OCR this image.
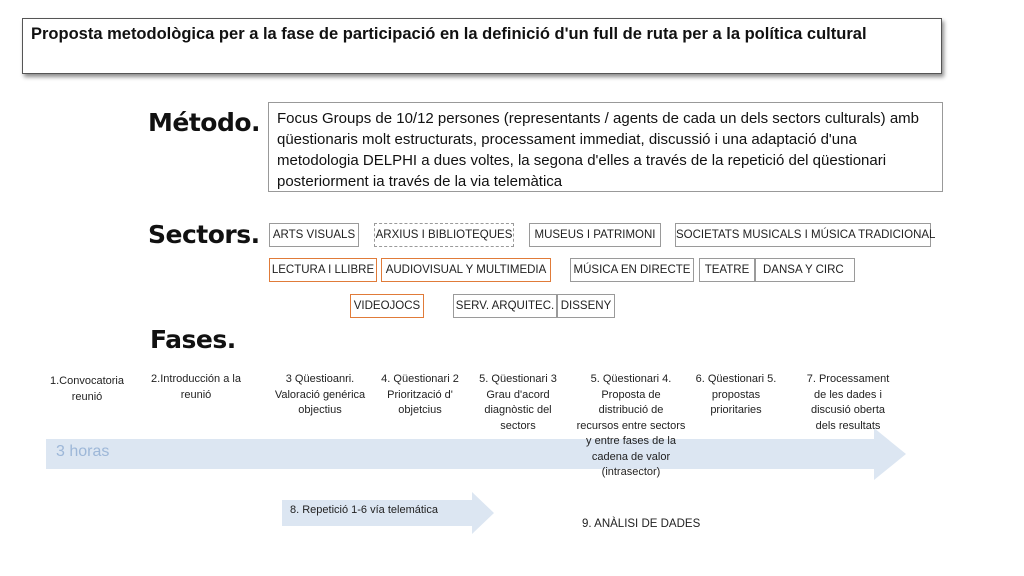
Proposta metodològica per a la fase de participació en la definició d'un full de ruta per a la política cultural
Método.	Focus Groups de 10/12 persones (representants / agents de cada un dels sectors culturals) amb qüestionaris molt estructurats, processament immediat, discussió i una adaptació d'una metodologia DELPHI a dues voltes, la segona d'elles a través de la repetició del qüestionari posteriorment ia través de la via telemàtica
Sectors.	ARTS VISUALS	ARXIUS I BIBLIOTEQUES	MUSEUS I PATRIMONI	SOCIETATS MUSICALS I MÚSICA TRADICIONAL
LECTURA I LLIBRE	AUDIOVISUAL Y MULTIMEDIA	MÚSICA EN DIRECTE	TEATRE	DANSA Y CIRC
VIDEOJOCS	SERV. ARQUITEC. DISSENY
Fases.
3 horas
1.Convocatoria reunió
2.Introducción a la reunió
3 Qüestioanri. Valoració genérica objectius
4. Qüestionari 2 Priorització d' objetcius
5. Qüestionari 3 Grau d'acord diagnòstic del sectors
5. Qüestionari 4. Proposta de distribució de recursos entre sectors y entre fases de la cadena de valor (intrasector)
6. Qüestionari 5. propostas prioritaries
7. Processament de les dades i discusió oberta dels resultats
8. Repetició 1-6 vía telemática
9. ANÀLISI DE DADES
